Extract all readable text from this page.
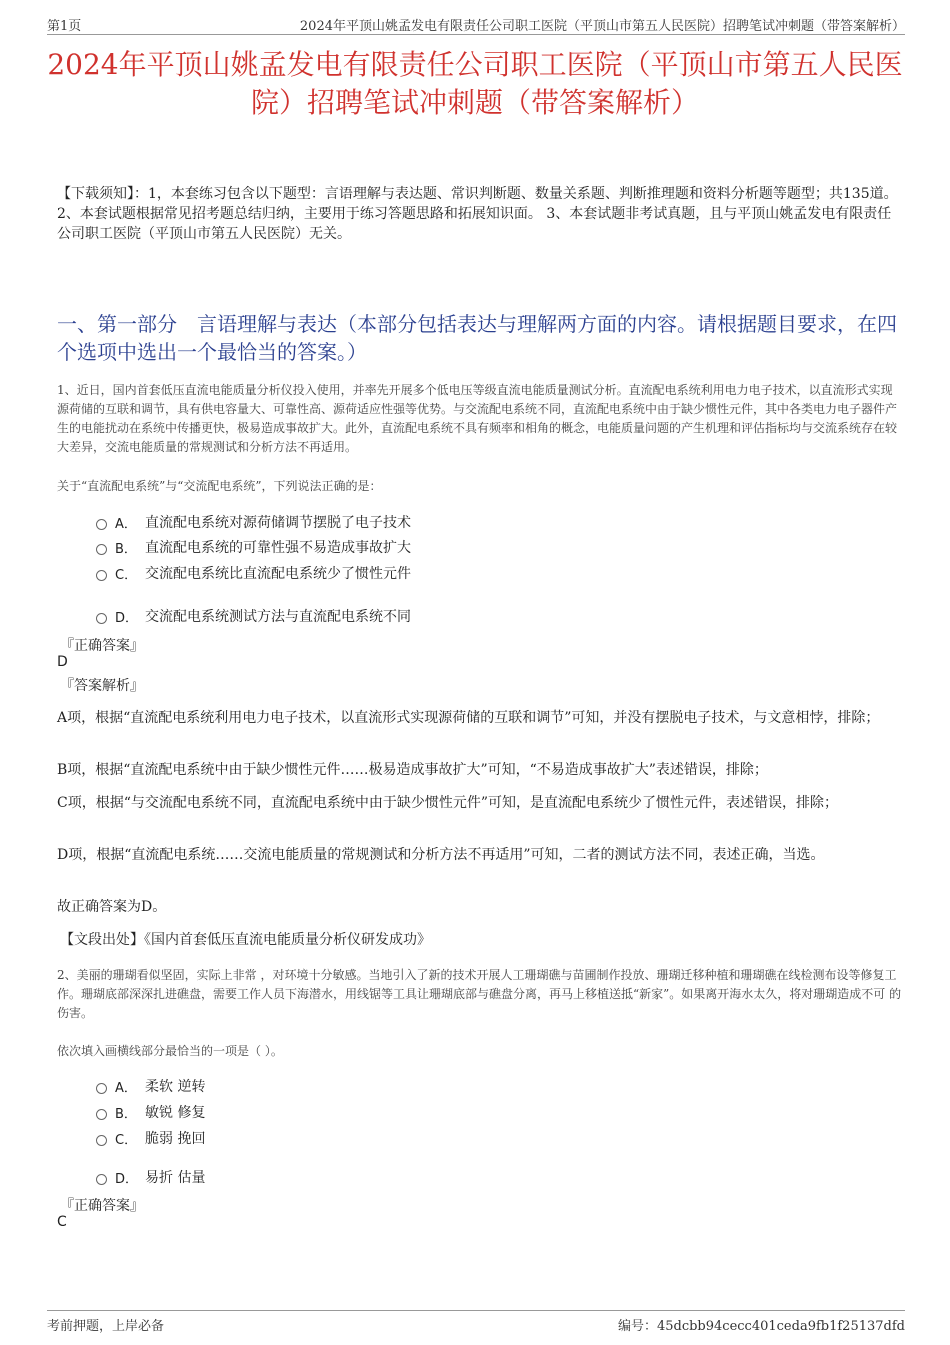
第1页	2024年平顶山姚孟发电有限责任公司职工医院（平顶山市第五人民医院）招聘笔试冲刺题（带答案解析）
2024年平顶山姚孟发电有限责任公司职工医院（平顶山市第五人民医院）招聘笔试冲刺题（带答案解析）
【下载须知】：1，本套练习包含以下题型：言语理解与表达题、常识判断题、数量关系题、判断推理题和资料分析题等题型；共135道。 2、本套试题根据常见招考题总结归纳，主要用于练习答题思路和拓展知识面。 3、本套试题非考试真题，且与平顶山姚孟发电有限责任公司职工医院（平顶山市第五人民医院）无关。
一、第一部分　言语理解与表达（本部分包括表达与理解两方面的内容。请根据题目要求，在四个选项中选出一个最恰当的答案。）
1、近日，国内首套低压直流电能质量分析仪投入使用，并率先开展多个低电压等级直流电能质量测试分析。直流配电系统利用电力电子技术，以直流形式实现源荷储的互联和调节，具有供电容量大、可靠性高、源荷适应性强等优势。与交流配电系统不同，直流配电系统中由于缺少惯性元件，其中各类电力电子器件产生的电能扰动在系统中传播更快，极易造成事故扩大。此外，直流配电系统不具有频率和相角的概念，电能质量问题的产生机理和评估指标均与交流系统存在较大差异，交流电能质量的常规测试和分析方法不再适用。
关于“直流配电系统”与“交流配电系统”，下列说法正确的是：
A． 直流配电系统对源荷储调节摆脱了电子技术
B． 直流配电系统的可靠性强不易造成事故扩大
C． 交流配电系统比直流配电系统少了惯性元件
D． 交流配电系统测试方法与直流配电系统不同
『正确答案』
D
『答案解析』
A项，根据“直流配电系统利用电力电子技术，以直流形式实现源荷储的互联和调节”可知，并没有摆脱电子技术，与文意相悖，排除；
B项，根据“直流配电系统中由于缺少惯性元件……极易造成事故扩大”可知，“不易造成事故扩大”表述错误，排除；
C项，根据“与交流配电系统不同，直流配电系统中由于缺少惯性元件”可知，是直流配电系统少了惯性元件，表述错误，排除；
D项，根据“直流配电系统……交流电能质量的常规测试和分析方法不再适用”可知，二者的测试方法不同，表述正确，当选。
故正确答案为D。
【文段出处】《国内首套低压直流电能质量分析仪研发成功》
2、美丽的珊瑚看似坚固，实际上非常 ，对环境十分敏感。当地引入了新的技术开展人工珊瑚礁与苗圃制作投放、珊瑚迁移种植和珊瑚礁在线检测布设等修复工作。珊瑚底部深深扎进礁盘，需要工作人员下海潜水，用线锯等工具让珊瑚底部与礁盘分离，再马上移植送抵“新家”。如果离开海水太久，将对珊瑚造成不可 的伤害。
依次填入画横线部分最恰当的一项是（ ）。
A． 柔软 逆转
B． 敏锐 修复
C． 脆弱 挽回
D． 易折 估量
『正确答案』
C
考前押题，上岸必备	编号：45dcbb94cecc401ceda9fb1f25137dfd
